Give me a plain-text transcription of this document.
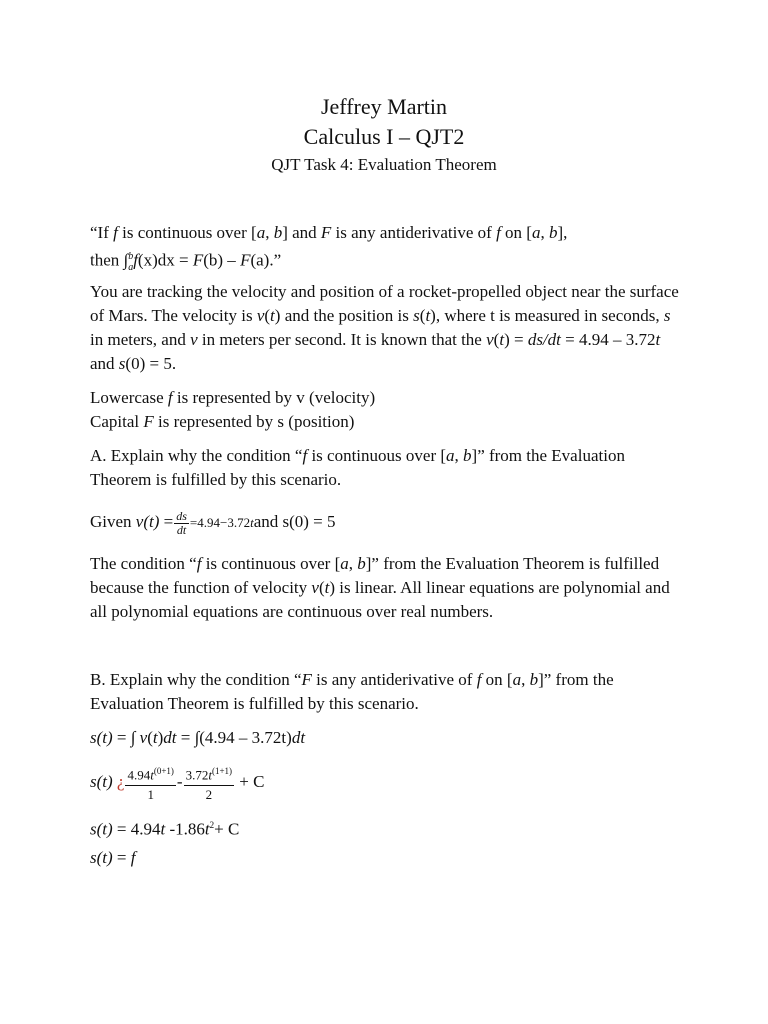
Jeffrey Martin
Calculus I – QJT2
QJT Task 4: Evaluation Theorem
“If f is continuous over [a, b] and F is any antiderivative of f on [a, b],
then $\int_a^bf(x)dx = F(b) - F(a)$.”
You are tracking the velocity and position of a rocket-propelled object near the surface of Mars. The velocity is v(t) and the position is s(t), where t is measured in seconds, s in meters, and v in meters per second. It is known that the v(t) = ds/dt = 4.94 – 3.72t and s(0) = 5.
Lowercase f is represented by v (velocity)
Capital F is represented by s (position)
A. Explain why the condition “f is continuous over [a, b]” from the Evaluation Theorem is fulfilled by this scenario.
Given $v(t) = \frac{ds}{dt} =4.94-3.72\tan d$ s(0) = 5
The condition “f is continuous over [a, b]” from the Evaluation Theorem is fulfilled because the function of velocity v(t) is linear. All linear equations are polynomial and all polynomial equations are continuous over real numbers.
B. Explain why the condition “F is any antiderivative of f on [a, b]” from the Evaluation Theorem is fulfilled by this scenario.
s(t) = ∫ v(t)dt = ∫(4.94 – 3.72t)dt
s(t) ¿ $\frac{4.94t^{(0+1)}}{1} - \frac{3.72t^{(1+1)}}{2} + C$
s(t) = 4.94t $-1.86t^2+ C$
s(t) = f
